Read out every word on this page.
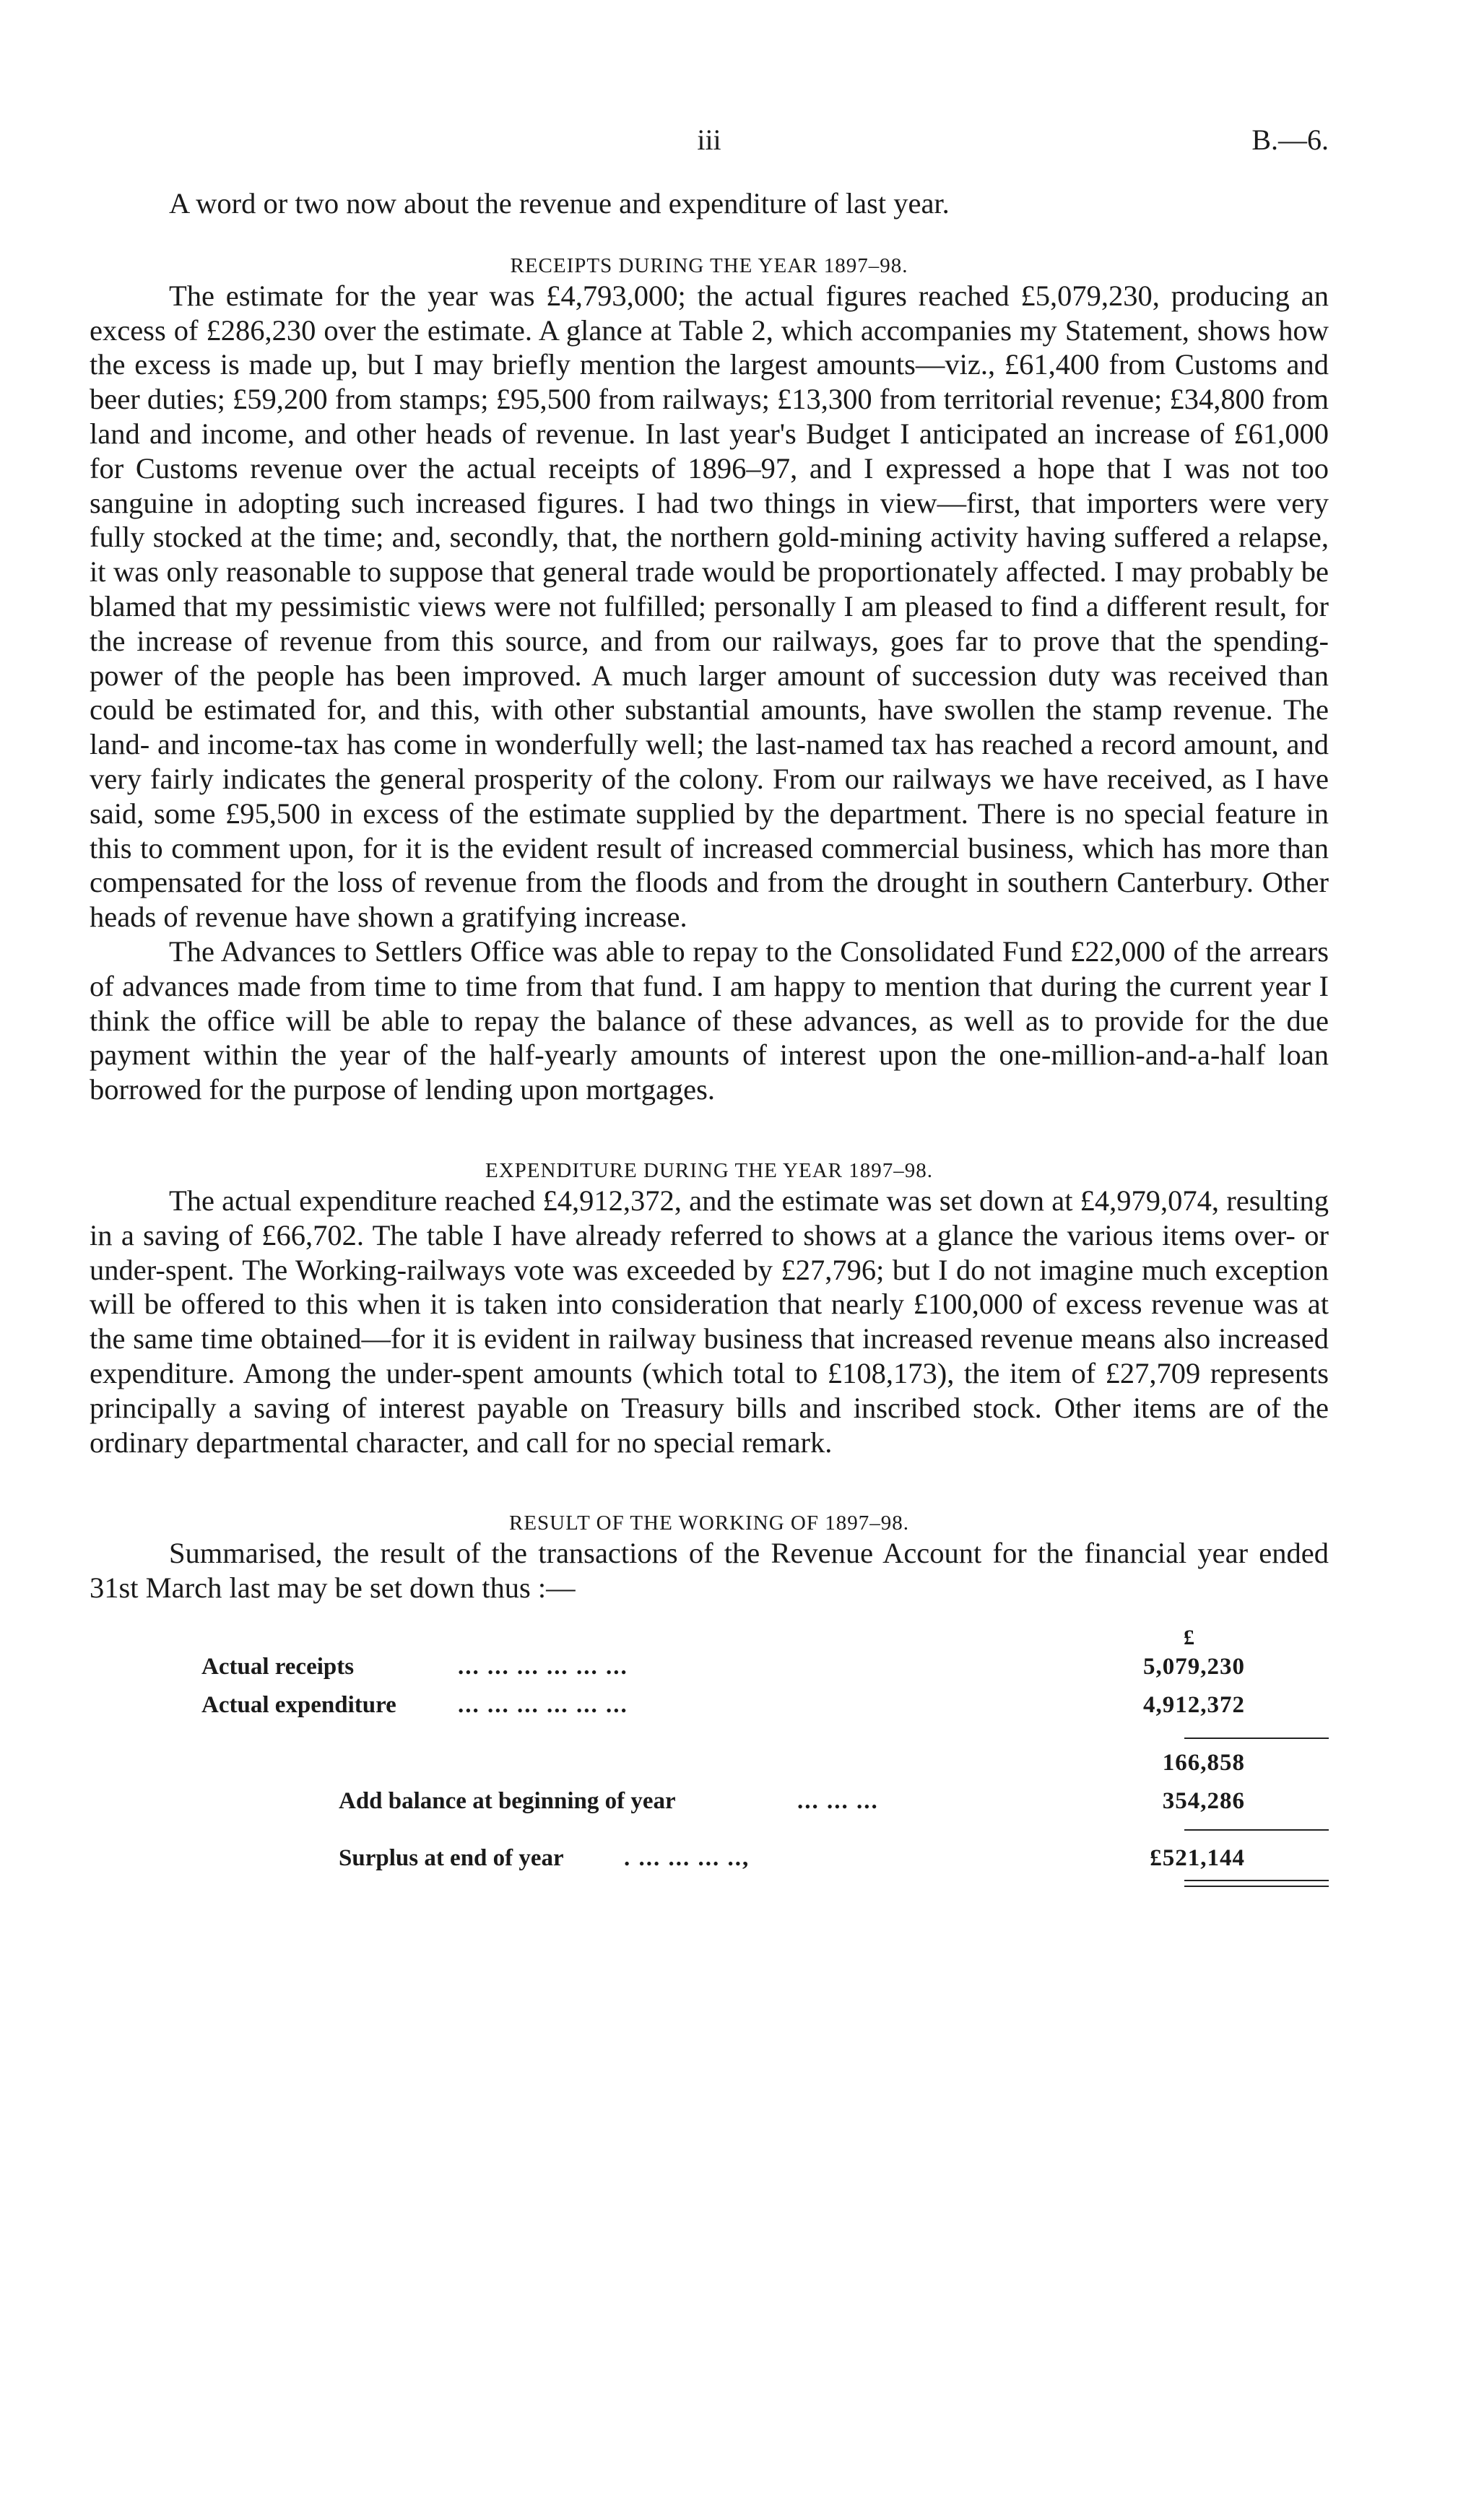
iii	B.—6.

A word or two now about the revenue and expenditure of last year.

RECEIPTS DURING THE YEAR 1897–98.

The estimate for the year was £4,793,000; the actual figures reached £5,079,230, producing an excess of £286,230 over the estimate. A glance at Table 2, which accompanies my Statement, shows how the excess is made up, but I may briefly mention the largest amounts—viz., £61,400 from Customs and beer duties; £59,200 from stamps; £95,500 from railways; £13,300 from territorial revenue; £34,800 from land and income, and other heads of revenue. In last year's Budget I anticipated an increase of £61,000 for Customs revenue over the actual receipts of 1896–97, and I expressed a hope that I was not too sanguine in adopting such increased figures. I had two things in view—first, that importers were very fully stocked at the time; and, secondly, that, the northern gold-mining activity having suffered a relapse, it was only reasonable to suppose that general trade would be proportionately affected. I may probably be blamed that my pessimistic views were not fulfilled; personally I am pleased to find a different result, for the increase of revenue from this source, and from our railways, goes far to prove that the spending-power of the people has been improved. A much larger amount of succession duty was received than could be estimated for, and this, with other substantial amounts, have swollen the stamp revenue. The land- and income-tax has come in wonderfully well; the last-named tax has reached a record amount, and very fairly indicates the general prosperity of the colony. From our railways we have received, as I have said, some £95,500 in excess of the estimate supplied by the department. There is no special feature in this to comment upon, for it is the evident result of increased commercial business, which has more than compensated for the loss of revenue from the floods and from the drought in southern Canterbury. Other heads of revenue have shown a gratifying increase.

The Advances to Settlers Office was able to repay to the Consolidated Fund £22,000 of the arrears of advances made from time to time from that fund. I am happy to mention that during the current year I think the office will be able to repay the balance of these advances, as well as to provide for the due payment within the year of the half-yearly amounts of interest upon the one-million-and-a-half loan borrowed for the purpose of lending upon mortgages.

EXPENDITURE DURING THE YEAR 1897–98.

The actual expenditure reached £4,912,372, and the estimate was set down at £4,979,074, resulting in a saving of £66,702. The table I have already referred to shows at a glance the various items over- or under-spent. The Working-railways vote was exceeded by £27,796; but I do not imagine much exception will be offered to this when it is taken into consideration that nearly £100,000 of excess revenue was at the same time obtained—for it is evident in railway business that increased revenue means also increased expenditure. Among the under-spent amounts (which total to £108,173), the item of £27,709 represents principally a saving of interest payable on Treasury bills and inscribed stock. Other items are of the ordinary departmental character, and call for no special remark.

RESULT OF THE WORKING OF 1897–98.

Summarised, the result of the transactions of the Revenue Account for the financial year ended 31st March last may be set down thus :—

£
Actual receipts	... ... ... ... ... ...	5,079,230
Actual expenditure	... ... ... ... ... ...	4,912,372
166,858
Add balance at beginning of year	... ... ...	354,286
Surplus at end of year	. ... ... ... ..,	£521,144
